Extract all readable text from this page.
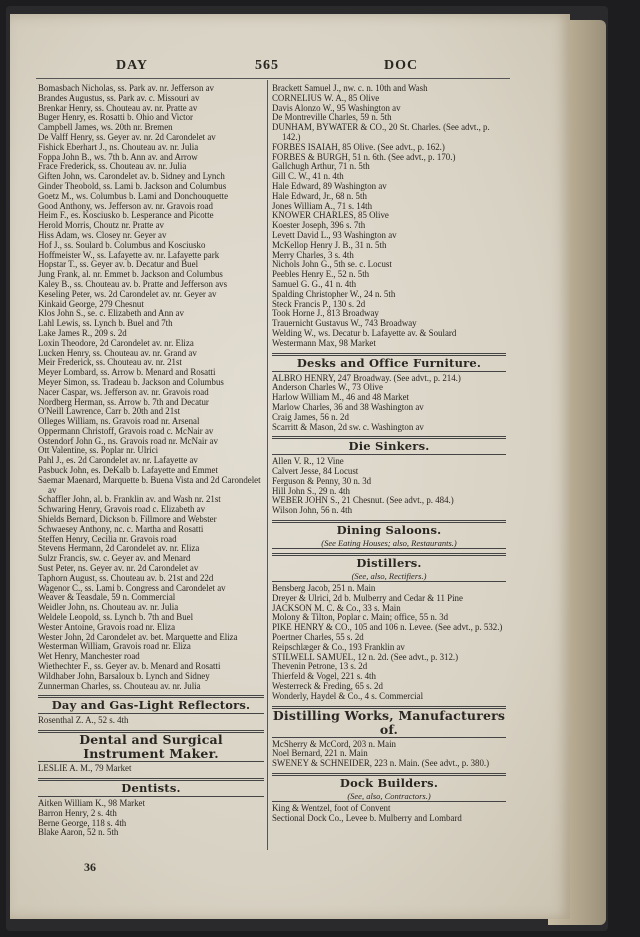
DAY	565	DOC
Bomasbach Nicholas, ss. Park av. nr. Jefferson av
Brandes Augustus, ss. Park av. c. Missouri av
Brenkar Henry, ss. Chouteau av. nr. Pratte av
Buger Henry, es. Rosatti b. Ohio and Victor
Campbell James, ws. 20th nr. Bremen
De Valff Henry, ss. Geyer av. nr. 2d Carondelet av
Fishick Eberhart J., ns. Chouteau av. nr. Julia
Foppa John B., ws. 7th b. Ann av. and Arrow
Frace Frederick, ss. Chouteau av. nr. Julia
Giften John, ws. Carondelet av. b. Sidney and Lynch
Ginder Theobold, ss. Lami b. Jackson and Columbus
Goetz M., ws. Columbus b. Lami and Donchouquette
Good Anthony, ws. Jefferson av. nr. Gravois road
Heim F., es. Kosciusko b. Lesperance and Picotte
Herold Morris, Choutz nr. Pratte av
Hiss Adam, ws. Closey nr. Geyer av
Hof J., ss. Soulard b. Columbus and Kosciusko
Hoffmeister W., ss. Lafayette av. nr. Lafayette park
Hopstar T., ss. Geyer av. b. Decatur and Buel
Jung Frank, al. nr. Emmet b. Jackson and Columbus
Kaley B., ss. Chouteau av. b. Pratte and Jefferson avs
Keseling Peter, ws. 2d Carondelet av. nr. Geyer av
Kinkaid George, 279 Chesnut
Klos John S., se. c. Elizabeth and Ann av
Lahl Lewis, ss. Lynch b. Buel and 7th
Lake James R., 209 s. 2d
Loxin Theodore, 2d Carondelet av. nr. Eliza
Lucken Henry, ss. Chouteau av. nr. Grand av
Meir Frederick, ss. Chouteau av. nr. 21st
Meyer Lombard, ss. Arrow b. Menard and Rosatti
Meyer Simon, ss. Tradeau b. Jackson and Columbus
Nacer Caspar, ws. Jefferson av. nr. Gravois road
Nordberg Herman, ss. Arrow b. 7th and Decatur
O'Neill Lawrence, Carr b. 20th and 21st
Olleges William, ns. Gravois road nr. Arsenal
Oppermann Christoff, Gravois road c. McNair av
Ostendorf John G., ns. Gravois road nr. McNair av
Ott Valentine, ss. Poplar nr. Ulrici
Pahl J., es. 2d Carondelet av. nr. Lafayette av
Pasbuck John, es. DeKalb b. Lafayette and Emmet
Saemar Maenard, Marquette b. Buena Vista and 2d Carondelet av
Schaffler John, al. b. Franklin av. and Wash nr. 21st
Schwaring Henry, Gravois road c. Elizabeth av
Shields Bernard, Dickson b. Fillmore and Webster
Schwaesey Anthony, nc. c. Martha and Rosatti
Steffen Henry, Cecilia nr. Gravois road
Stevens Hermann, 2d Carondelet av. nr. Eliza
Sulzr Francis, sw. c. Geyer av. and Menard
Sust Peter, ns. Geyer av. nr. 2d Carondelet av
Taphorn August, ss. Chouteau av. b. 21st and 22d
Wagenor C., ss. Lami b. Congress and Carondelet av
Weaver & Teasdale, 59 n. Commercial
Weidler John, ns. Chouteau av. nr. Julia
Weldele Leopold, ss. Lynch b. 7th and Buel
Wester Antoine, Gravois road nr. Eliza
Wester John, 2d Carondelet av. bet. Marquette and Eliza
Westerman William, Gravois road nr. Eliza
Wet Henry, Manchester road
Wiethechter F., ss. Geyer av. b. Menard and Rosatti
Wildhaber John, Barsaloux b. Lynch and Sidney
Zunnerman Charles, ss. Chouteau av. nr. Julia
Day and Gas-Light Reflectors.
Rosenthal Z. A., 52 s. 4th
Dental and Surgical Instrument Maker.
LESLIE A. M., 79 Market
Dentists.
Aitken William K., 98 Market
Barron Henry, 2 s. 4th
Berne George, 118 s. 4th
Blake Aaron, 52 n. 5th
Brackett Samuel J., nw. c. n. 10th and Wash
CORNELIUS W. A., 85 Olive
Davis Alonzo W., 95 Washington av
De Montreville Charles, 59 n. 5th
DUNHAM, BYWATER & CO., 20 St. Charles. (See advt., p. 142.)
FORBES ISAIAH, 85 Olive. (See advt., p. 162.)
FORBES & BURGH, 51 n. 6th. (See advt., p. 170.)
Gallchugh Arthur, 71 n. 5th
Gill C. W., 41 n. 4th
Hale Edward, 89 Washington av
Hale Edward, Jr., 68 n. 5th
Jones William A., 71 s. 14th
KNOWER CHARLES, 85 Olive
Koester Joseph, 396 s. 7th
Levett David L., 93 Washington av
McKellop Henry J. B., 31 n. 5th
Merry Charles, 3 s. 4th
Nichols John G., 5th se. c. Locust
Peebles Henry E., 52 n. 5th
Samuel G. G., 41 n. 4th
Spalding Christopher W., 24 n. 5th
Steck Francis P., 130 s. 2d
Took Horne J., 813 Broadway
Trauernicht Gustavus W., 743 Broadway
Welding W., ws. Decatur b. Lafayette av. & Soulard
Westermann Max, 98 Market
Desks and Office Furniture.
ALBRO HENRY, 247 Broadway. (See advt., p. 214.)
Anderson Charles W., 73 Olive
Harlow William M., 46 and 48 Market
Marlow Charles, 36 and 38 Washington av
Craig James, 56 n. 2d
Scarritt & Mason, 2d sw. c. Washington av
Die Sinkers.
Allen V. R., 12 Vine
Calvert Jesse, 84 Locust
Ferguson & Penny, 30 n. 3d
Hill John S., 29 n. 4th
WEBER JOHN S., 21 Chesnut. (See advt., p. 484.)
Wilson John, 56 n. 4th
Dining Saloons.
(See Eating Houses; also, Restaurants.)
Distillers.
(See, also, Rectifiers.)
Bensberg Jacob, 251 n. Main
Dreyer & Ulrici, 2d b. Mulberry and Cedar & 11 Pine
JACKSON M. C. & Co., 33 s. Main
Molony & Tilton, Poplar c. Main; office, 55 n. 3d
PIKE HENRY & CO., 105 and 106 n. Levee. (See advt., p. 532.)
Poertner Charles, 55 s. 2d
Reipschlæger & Co., 193 Franklin av
STILWELL SAMUEL, 12 n. 2d. (See advt., p. 312.)
Thevenin Petrone, 13 s. 2d
Thierfeld & Vogel, 221 s. 4th
Westerreck & Freding, 65 s. 2d
Wonderly, Haydel & Co., 4 s. Commercial
Distilling Works, Manufacturers of.
McSherry & McCord, 203 n. Main
Noel Bernard, 221 n. Main
SWENEY & SCHNEIDER, 223 n. Main. (See advt., p. 380.)
Dock Builders.
(See, also, Contractors.)
King & Wentzel, foot of Convent
Sectional Dock Co., Levee b. Mulberry and Lombard
36
